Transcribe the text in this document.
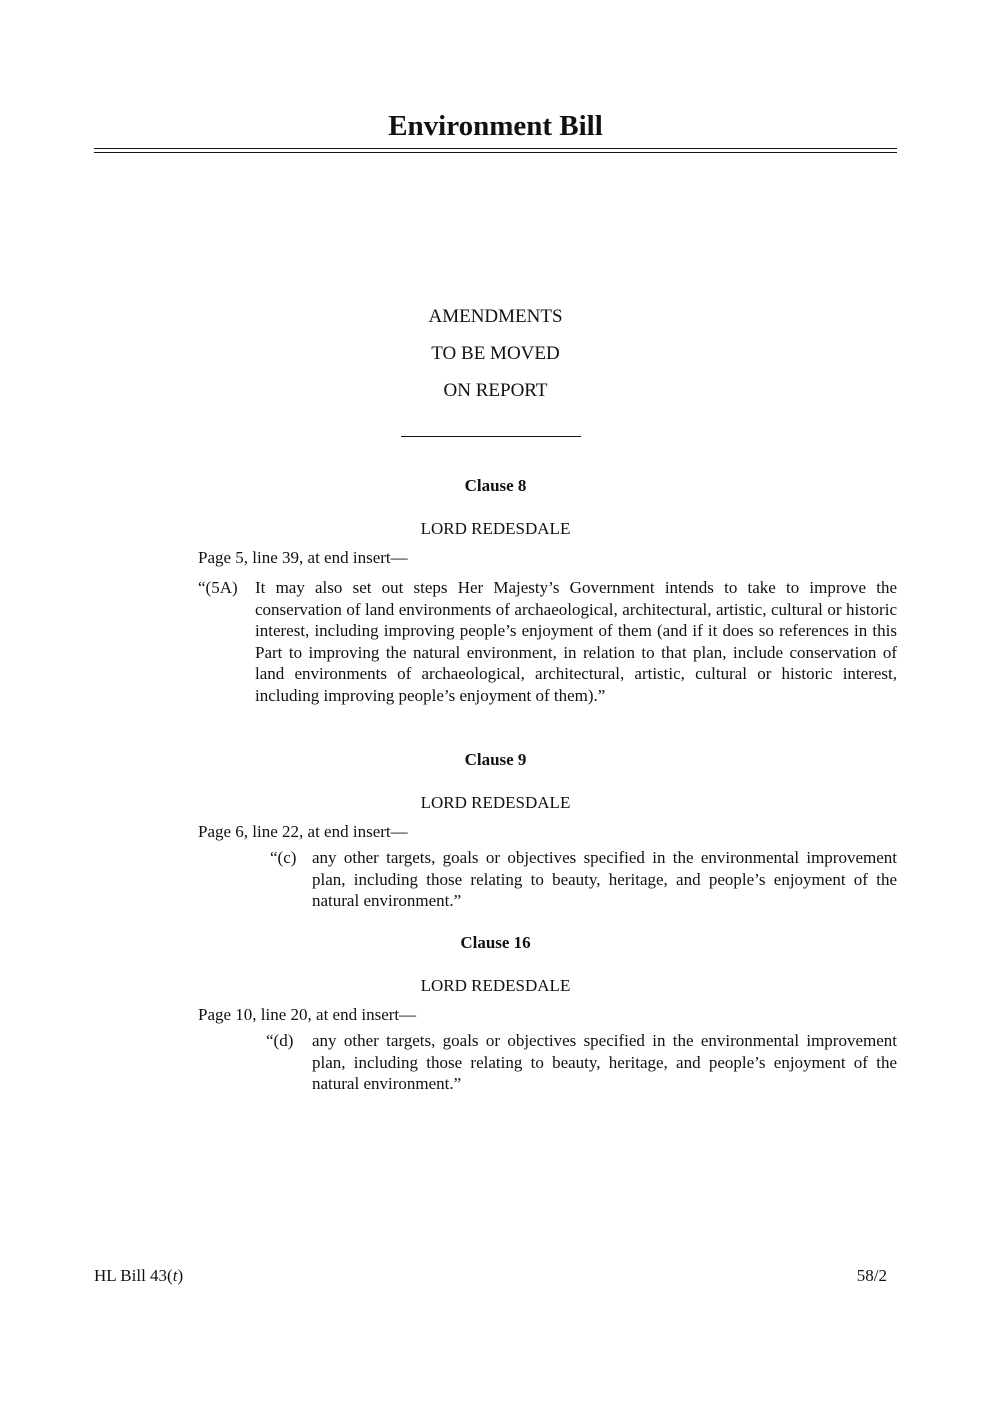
Environment Bill
AMENDMENTS
TO BE MOVED
ON REPORT
Clause 8
LORD REDESDALE
Page 5, line 39, at end insert—
“(5A) It may also set out steps Her Majesty’s Government intends to take to improve the conservation of land environments of archaeological, architectural, artistic, cultural or historic interest, including improving people’s enjoyment of them (and if it does so references in this Part to improving the natural environment, in relation to that plan, include conservation of land environments of archaeological, architectural, artistic, cultural or historic interest, including improving people’s enjoyment of them).”
Clause 9
LORD REDESDALE
Page 6, line 22, at end insert—
“(c) any other targets, goals or objectives specified in the environmental improvement plan, including those relating to beauty, heritage, and people’s enjoyment of the natural environment.”
Clause 16
LORD REDESDALE
Page 10, line 20, at end insert—
“(d) any other targets, goals or objectives specified in the environmental improvement plan, including those relating to beauty, heritage, and people’s enjoyment of the natural environment.”
HL Bill 43(t)	58/2
